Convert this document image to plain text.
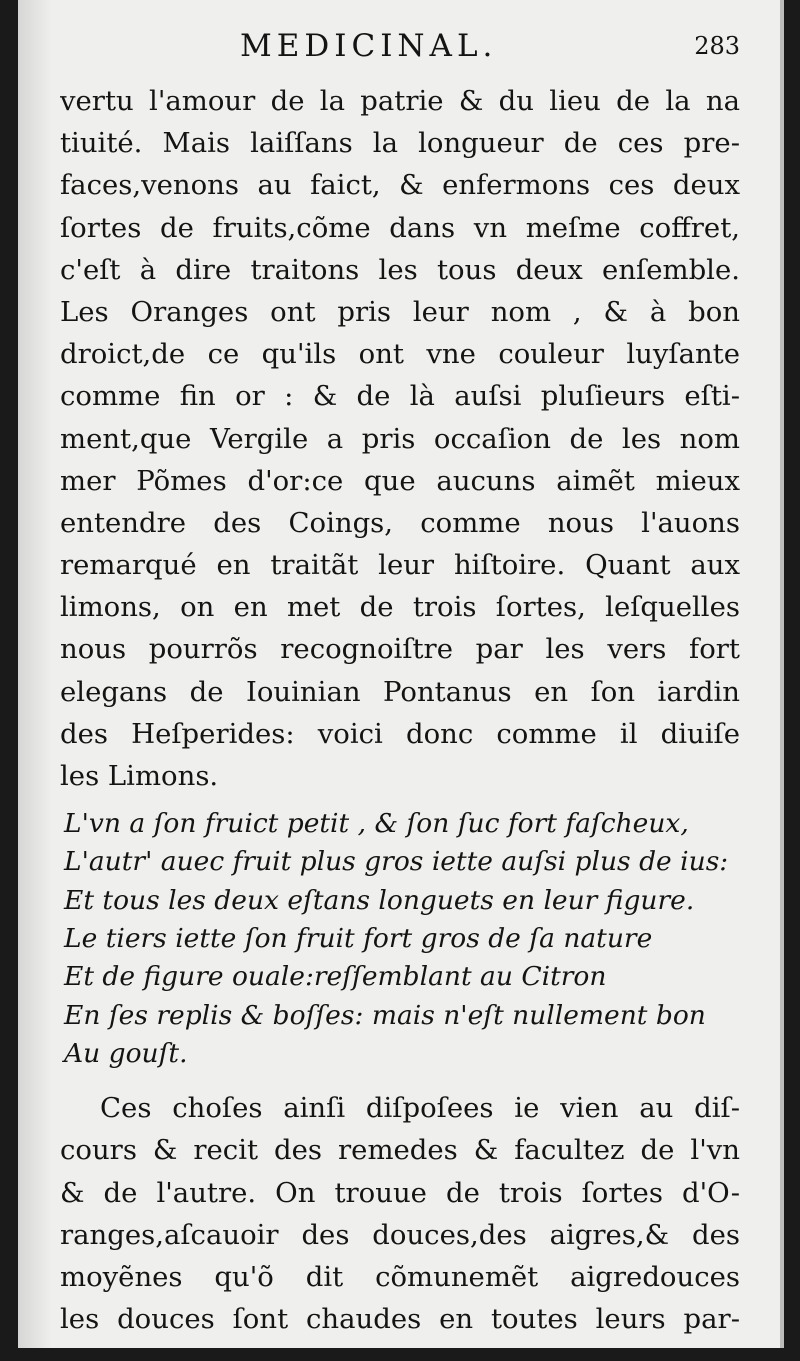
MEDICINAL.	283
vertu l'amour de la patrie & du lieu de la na
tiuité. Mais laiſſans la longueur de ces pre-
faces,venons au faict, & enfermons ces deux
ſortes de fruits,cõme dans vn meſme coffret,
c'eſt à dire traitons les tous deux enſemble.
Les Oranges ont pris leur nom , & à bon
droict,de ce qu'ils ont vne couleur luyſante
comme fin or : & de là auſsi pluſieurs eſti-
ment,que Vergile a pris occaſion de les nom
mer Põmes d'or:ce que aucuns aimẽt mieux
entendre des Coings, comme nous l'auons
remarqué en traitãt leur hiſtoire. Quant aux
limons, on en met de trois ſortes, leſquelles
nous pourrõs recognoiſtre par les vers fort
elegans de Iouinian Pontanus en ſon iardin
des Heſperides: voici donc comme il diuiſe
les Limons.
L'vn a ſon fruict petit , & ſon ſuc fort faſcheux,
L'autr' auec fruit plus gros iette auſsi plus de ius:
Et tous les deux eſtans longuets en leur figure.
Le tiers iette ſon fruit fort gros de ſa nature
Et de figure ouale:reſſemblant au Citron
En ſes replis & boſſes: mais n'eſt nullement bon
Au gouſt.
Ces choſes ainſi diſpoſees ie vien au diſ-
cours & recit des remedes & facultez de l'vn
& de l'autre. On trouue de trois ſortes d'O-
ranges,aſcauoir des douces,des aigres,& des
moyẽnes qu'õ dit cõmunemẽt aigredouces
les douces ſont chaudes en toutes leurs par-
